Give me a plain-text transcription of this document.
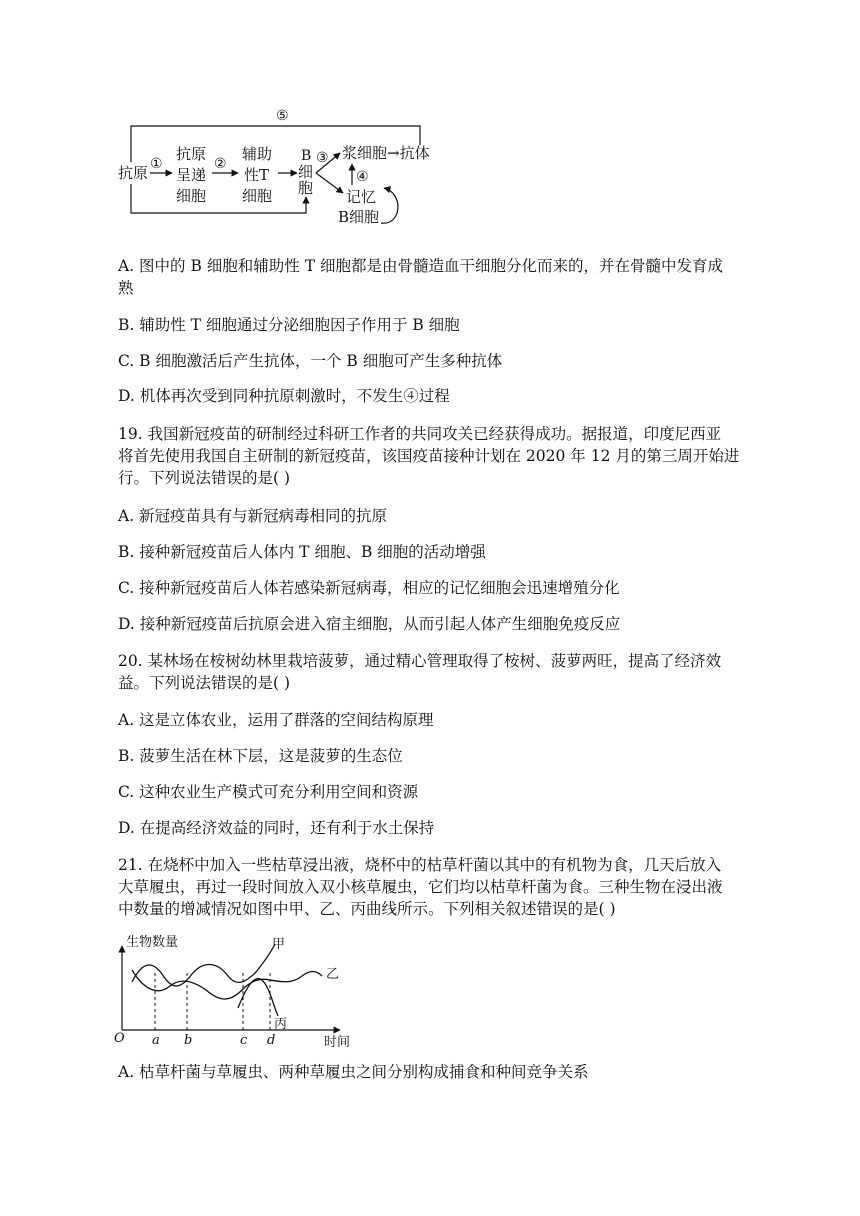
⑤
抗原 ①
抗原
呈递
细胞
②
辅助
性T
细胞
B
细
胞
③ 浆细胞→抗体
④
记忆
B细胞
A. 图中的 B 细胞和辅助性 T 细胞都是由骨髓造血干细胞分化而来的，并在骨髓中发育成
熟
B. 辅助性 T 细胞通过分泌细胞因子作用于 B 细胞
C. B 细胞激活后产生抗体，一个 B 细胞可产生多种抗体
D. 机体再次受到同种抗原刺激时，不发生④过程
19. 我国新冠疫苗的研制经过科研工作者的共同攻关已经获得成功。据报道，印度尼西亚
将首先使用我国自主研制的新冠疫苗，该国疫苗接种计划在 2020 年 12 月的第三周开始进
行。下列说法错误的是( )
A. 新冠疫苗具有与新冠病毒相同的抗原
B. 接种新冠疫苗后人体内 T 细胞、B 细胞的活动增强
C. 接种新冠疫苗后人体若感染新冠病毒，相应的记忆细胞会迅速增殖分化
D. 接种新冠疫苗后抗原会进入宿主细胞，从而引起人体产生细胞免疫反应
20. 某林场在桉树幼林里栽培菠萝，通过精心管理取得了桉树、菠萝两旺，提高了经济效
益。下列说法错误的是( )
A. 这是立体农业，运用了群落的空间结构原理
B. 菠萝生活在林下层，这是菠萝的生态位
C. 这种农业生产模式可充分利用空间和资源
D. 在提高经济效益的同时，还有利于水土保持
21. 在烧杯中加入一些枯草浸出液，烧杯中的枯草杆菌以其中的有机物为食，几天后放入
大草履虫，再过一段时间放入双小核草履虫，它们均以枯草杆菌为食。三种生物在浸出液
中数量的增减情况如图中甲、乙、丙曲线所示。下列相关叙述错误的是( )
生物数量
时间
O a b	c d
甲
乙
丙
A. 枯草杆菌与草履虫、两种草履虫之间分别构成捕食和种间竞争关系
